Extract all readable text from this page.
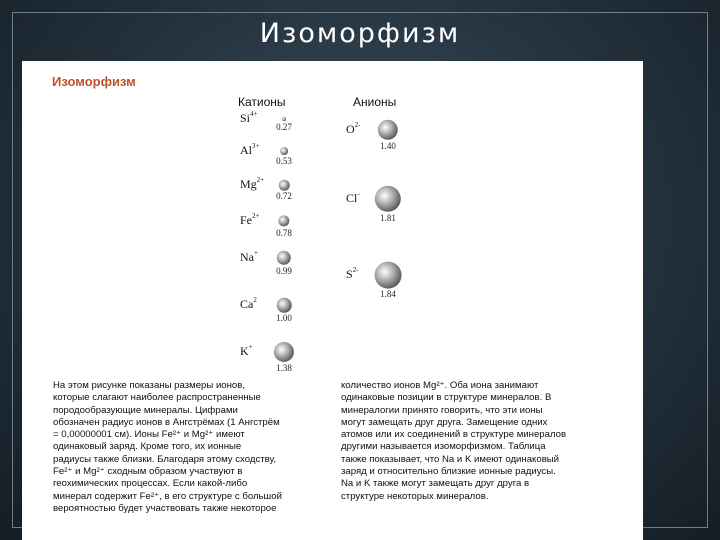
Изоморфизм
Изоморфизм
Катионы	Анионы
$Si^{4+}$
0.27
$Al^{3+}$
0.53
$Mg^{2+}$
0.72
$Fe^{2+}$
0.78
Na+
0.99
Ca$^2$
1.00
K+
1.38
$O^{2-}$
1.40
Cl-
1.81
$S^{2-}$
1.84
На этом рисунке показаны размеры ионов,
которые слагают наиболее распространенные
породообразующие минералы. Цифрами
обозначен радиус ионов в Ангстрёмах (1 Ангстрём
= 0,00000001 см). Ионы Fe²⁺ и Mg²⁺ имеют
одинаковый заряд. Кроме того, их ионные
радиусы также близки. Благодаря этому сходству,
Fe²⁺ и Mg²⁺ сходным образом участвуют в
геохимических процессах. Если какой-либо
минерал содержит Fe²⁺, в его структуре с большой
вероятностью будет участвовать также некоторое
количество ионов Mg²⁺. Оба иона занимают
одинаковые позиции в структуре минералов. В
минералогии принято говорить, что эти ионы
могут замещать друг друга. Замещение одних
атомов или их соединений в структуре минералов
другими называется изоморфизмом. Таблица
также показывает, что Na и K имеют одинаковый
заряд и относительно близкие ионные радиусы.
Na и K также могут замещать друг друга в
структуре некоторых минералов.
